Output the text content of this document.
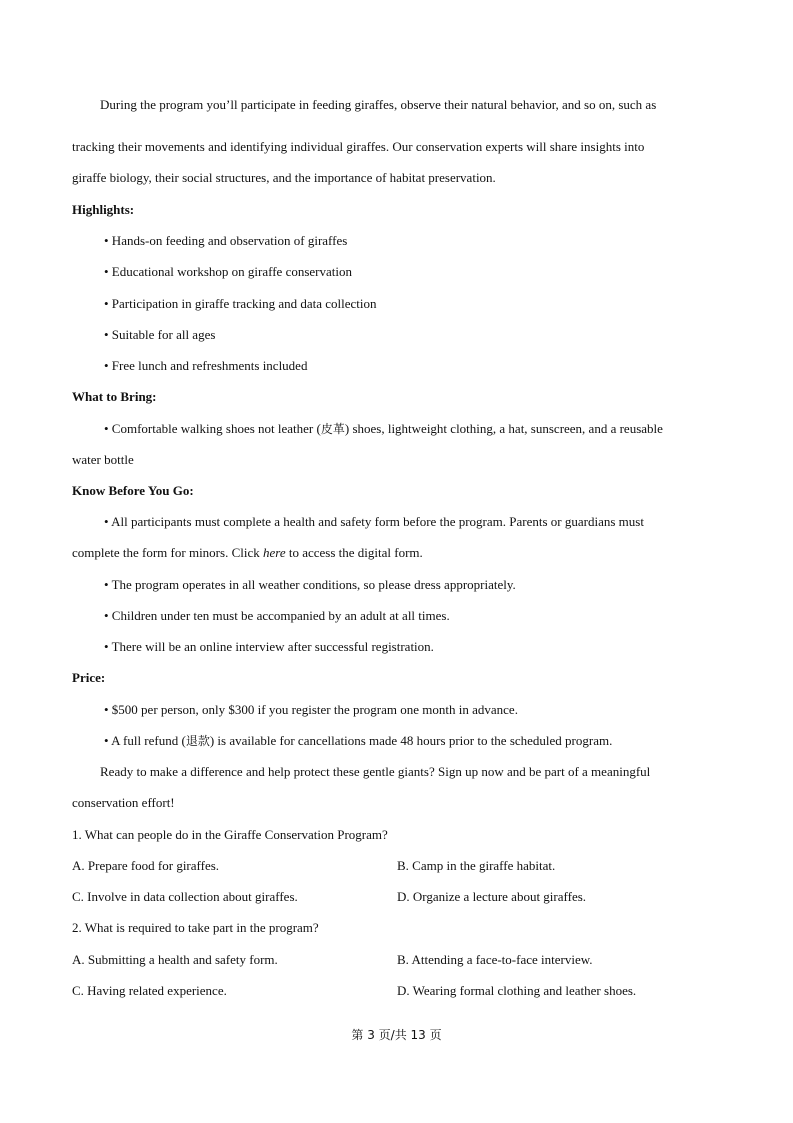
During the program you’ll participate in feeding giraffes, observe their natural behavior, and so on, such as
tracking their movements and identifying individual giraffes. Our conservation experts will share insights into
giraffe biology, their social structures, and the importance of habitat preservation.
Highlights:
• Hands-on feeding and observation of giraffes
• Educational workshop on giraffe conservation
• Participation in giraffe tracking and data collection
• Suitable for all ages
• Free lunch and refreshments included
What to Bring:
• Comfortable walking shoes not leather (皮革) shoes, lightweight clothing, a hat, sunscreen, and a reusable
water bottle
Know Before You Go:
• All participants must complete a health and safety form before the program. Parents or guardians must
complete the form for minors. Click here to access the digital form.
• The program operates in all weather conditions, so please dress appropriately.
• Children under ten must be accompanied by an adult at all times.
• There will be an online interview after successful registration.
Price:
• $500 per person, only $300 if you register the program one month in advance.
• A full refund (退款) is available for cancellations made 48 hours prior to the scheduled program.
Ready to make a difference and help protect these gentle giants? Sign up now and be part of a meaningful
conservation effort!
1. What can people do in the Giraffe Conservation Program?
A. Prepare food for giraffes.	B. Camp in the giraffe habitat.
C. Involve in data collection about giraffes.	D. Organize a lecture about giraffes.
2. What is required to take part in the program?
A. Submitting a health and safety form.	B. Attending a face-to-face interview.
C. Having related experience.	D. Wearing formal clothing and leather shoes.
第 3 页/共 13 页
